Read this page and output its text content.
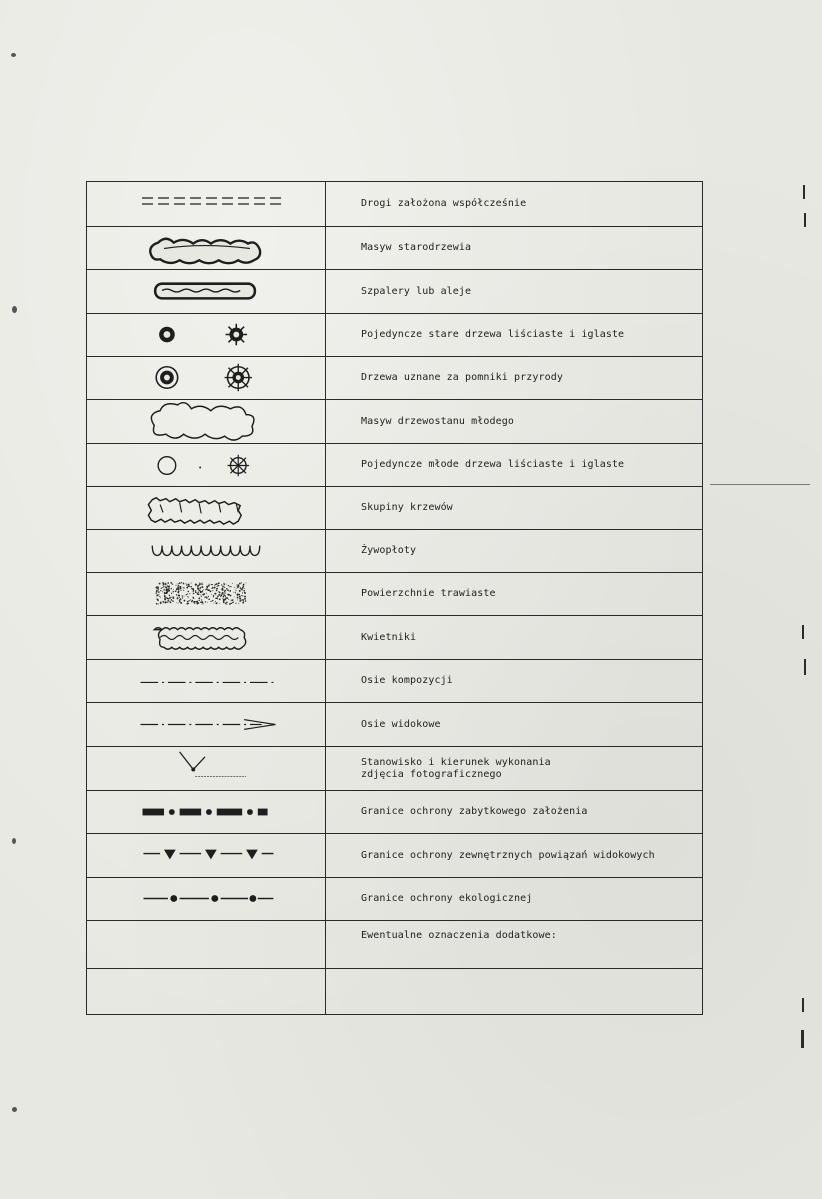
Drogi założona współcześnie
Masyw starodrzewia
Szpalery lub aleje
Pojedyncze stare drzewa liściaste i iglaste
Drzewa uznane za pomniki przyrody
Masyw drzewostanu młodego
Pojedyncze młode drzewa liściaste i iglaste
Skupiny krzewów
Żywopłoty
Powierzchnie trawiaste
Kwietniki
Osie kompozycji
Osie widokowe
Stanowisko i kierunek wykonania
zdjęcia fotograficznego
Granice ochrony zabytkowego założenia
Granice ochrony zewnętrznych powiązań widokowych
Granice ochrony ekologicznej
Ewentualne oznaczenia dodatkowe:
